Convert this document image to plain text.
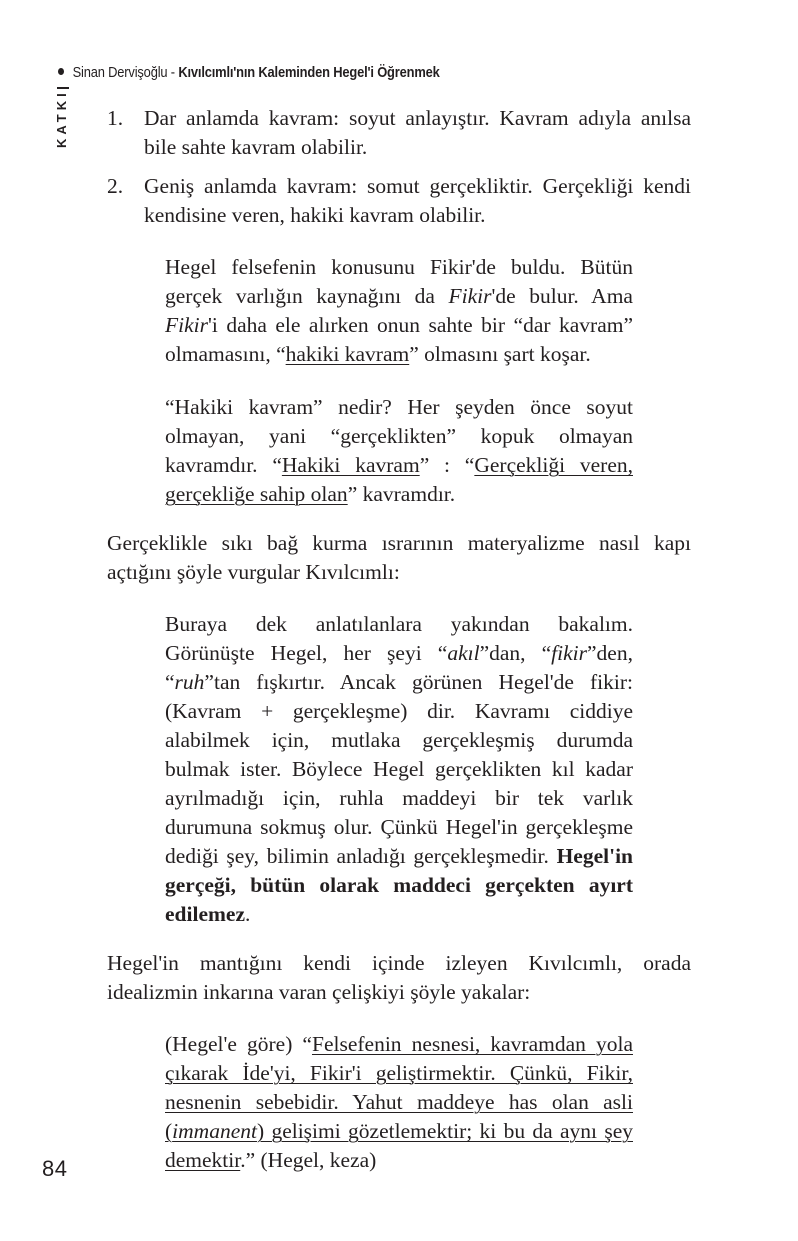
Sinan Dervişoğlu - Kıvılcımlı'nın Kaleminden Hegel'i Öğrenmek
KATKI 1. Dar anlamda kavram: soyut anlayıştır. Kavram adıyla anılsa bile sahte kavram olabilir.
2. Geniş anlamda kavram: somut gerçekliktir. Gerçekliği kendi kendisine veren, hakiki kavram olabilir.

Hegel felsefenin konusunu Fikir'de buldu. Bütün gerçek varlığın kaynağını da Fikir'de bulur. Ama Fikir'i daha ele alırken onun sahte bir “dar kavram” olmamasını, “hakiki kavram” olmasını şart koşar.

“Hakiki kavram” nedir? Her şeyden önce soyut olmayan, yani “gerçeklikten” kopuk olmayan kavramdır. “Hakiki kavram” : “Gerçekliği veren, gerçekliğe sahip olan” kavramdır.

Gerçeklikle sıkı bağ kurma ısrarının materyalizme nasıl kapı açtığını şöyle vurgular Kıvılcımlı:

Buraya dek anlatılanlara yakından bakalım. Görünüşte Hegel, her şeyi “akıl”dan, “fikir”den, “ruh”tan fışkırtır. Ancak görünen Hegel'de fikir: (Kavram + gerçekleşme) dir. Kavramı ciddiye alabilmek için, mutlaka gerçekleşmiş durumda bulmak ister. Böylece Hegel gerçeklikten kıl kadar ayrılmadığı için, ruhla maddeyi bir tek varlık durumuna sokmuş olur. Çünkü Hegel'in gerçekleşme dediği şey, bilimin anladığı gerçekleşmedir. Hegel'in gerçeği, bütün olarak maddeci gerçekten ayırt edilemez.

Hegel'in mantığını kendi içinde izleyen Kıvılcımlı, orada idealizmin inkarına varan çelişkiyi şöyle yakalar:

(Hegel'e göre) “Felsefenin nesnesi, kavramdan yola çıkarak İde'yi, Fikir'i geliştirmektir. Çünkü, Fikir, nesnenin sebebidir. Yahut maddeye has olan asli (immanent) gelişimi gözetlemektir; ki bu da aynı şey demektir.” (Hegel, keza)

84
